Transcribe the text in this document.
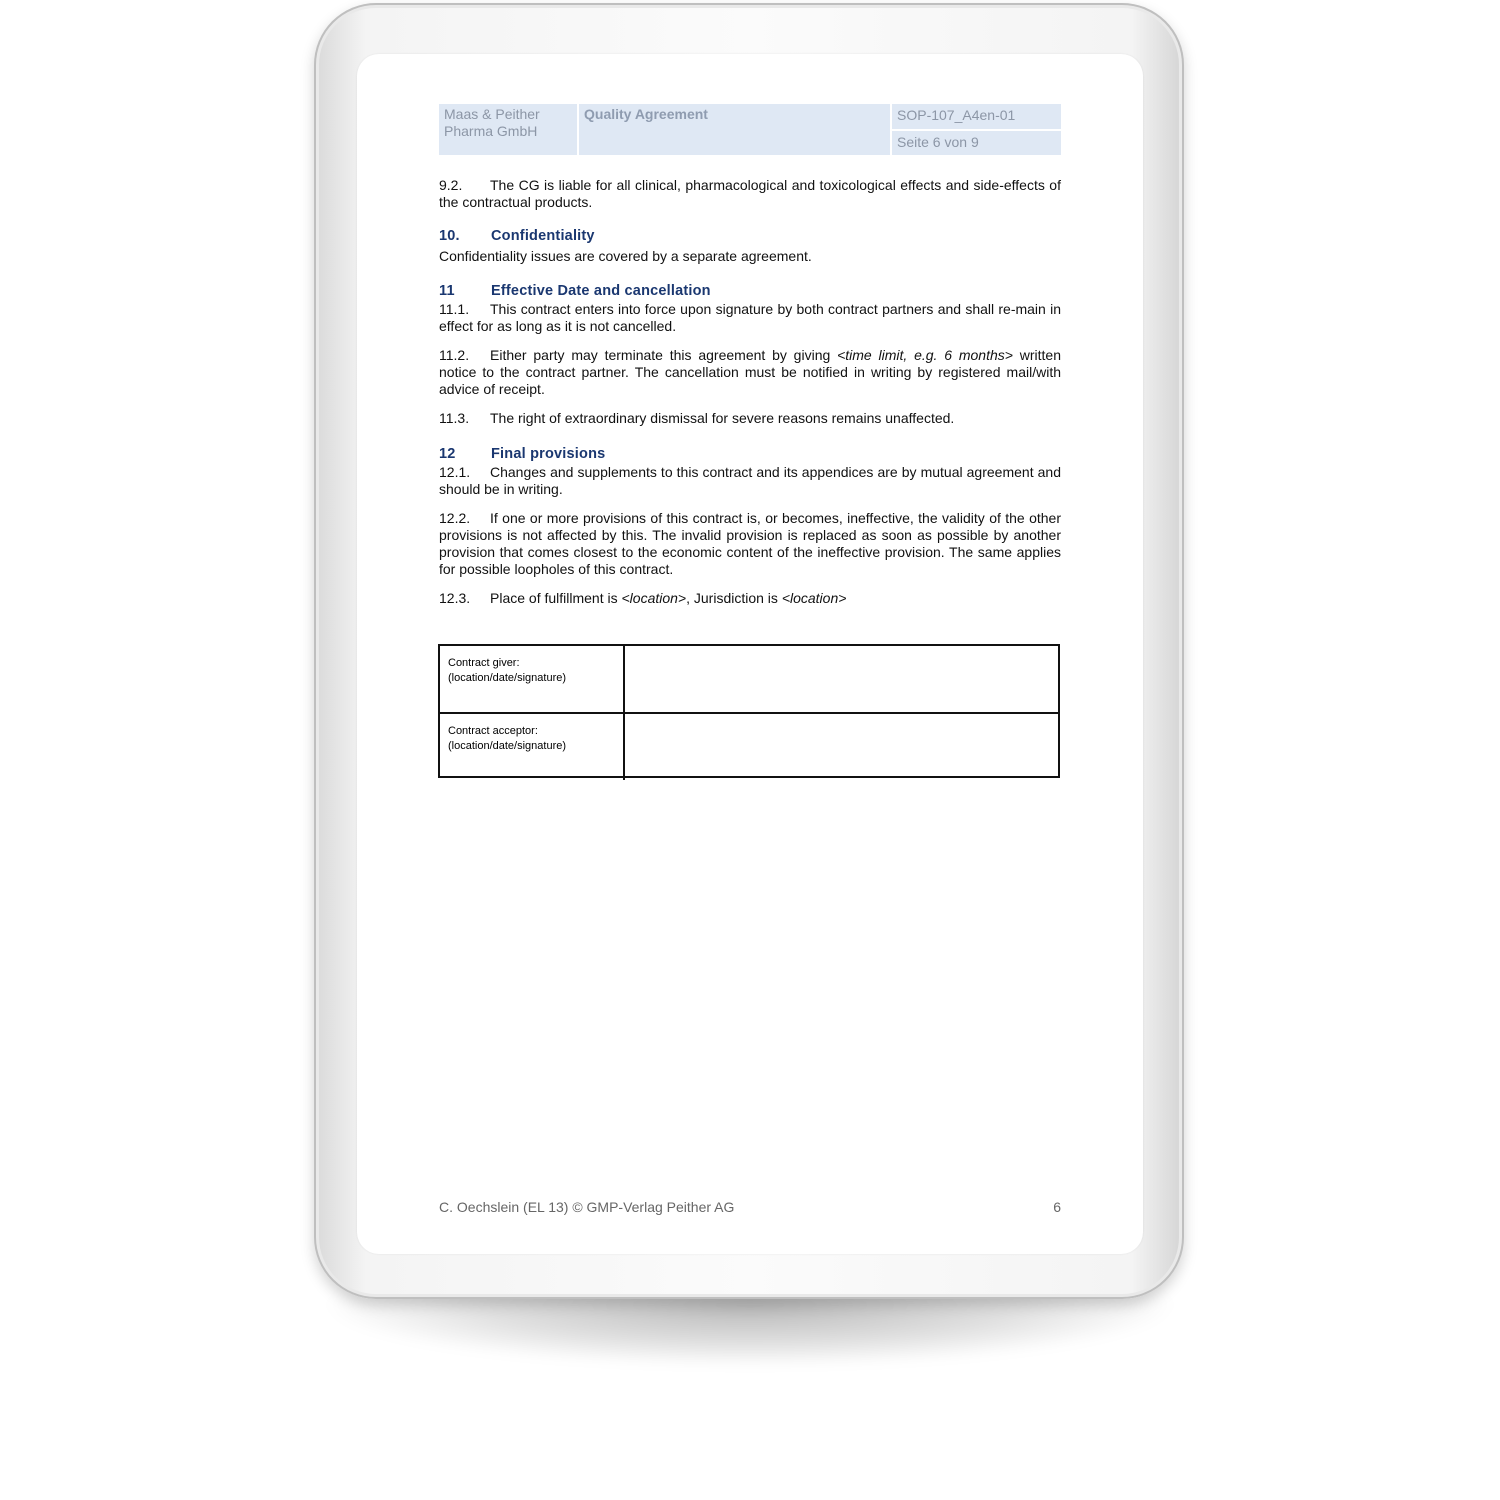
Maas & Peither Pharma GmbH
Quality Agreement	SOP-107_A4en-01
Seite 6 von 9

9.2. The CG is liable for all clinical, pharmacological and toxicological effects and side-effects of the contractual products.

10. Confidentiality

Confidentiality issues are covered by a separate agreement.

11	Effective Date and cancellation

11.1. This contract enters into force upon signature by both contract partners and shall re-main in effect for as long as it is not cancelled.

11.2. Either party may terminate this agreement by giving <time limit, e.g. 6 months> written notice to the contract partner. The cancellation must be notified in writing by registered mail/with advice of receipt.

11.3. The right of extraordinary dismissal for severe reasons remains unaffected.

12 Final provisions

12.1. Changes and supplements to this contract and its appendices are by mutual agreement and should be in writing.

12.2. If one or more provisions of this contract is, or becomes, ineffective, the validity of the other provisions is not affected by this. The invalid provision is replaced as soon as possible by another provision that comes closest to the economic content of the ineffective provision. The same applies for possible loopholes of this contract.

12.3. Place of fulfillment is <location>, Jurisdiction is <location>

Contract giver:
(location/date/signature)
Contract acceptor:
(location/date/signature)
C. Oechslein (EL 13) © GMP-Verlag Peither AG	6
